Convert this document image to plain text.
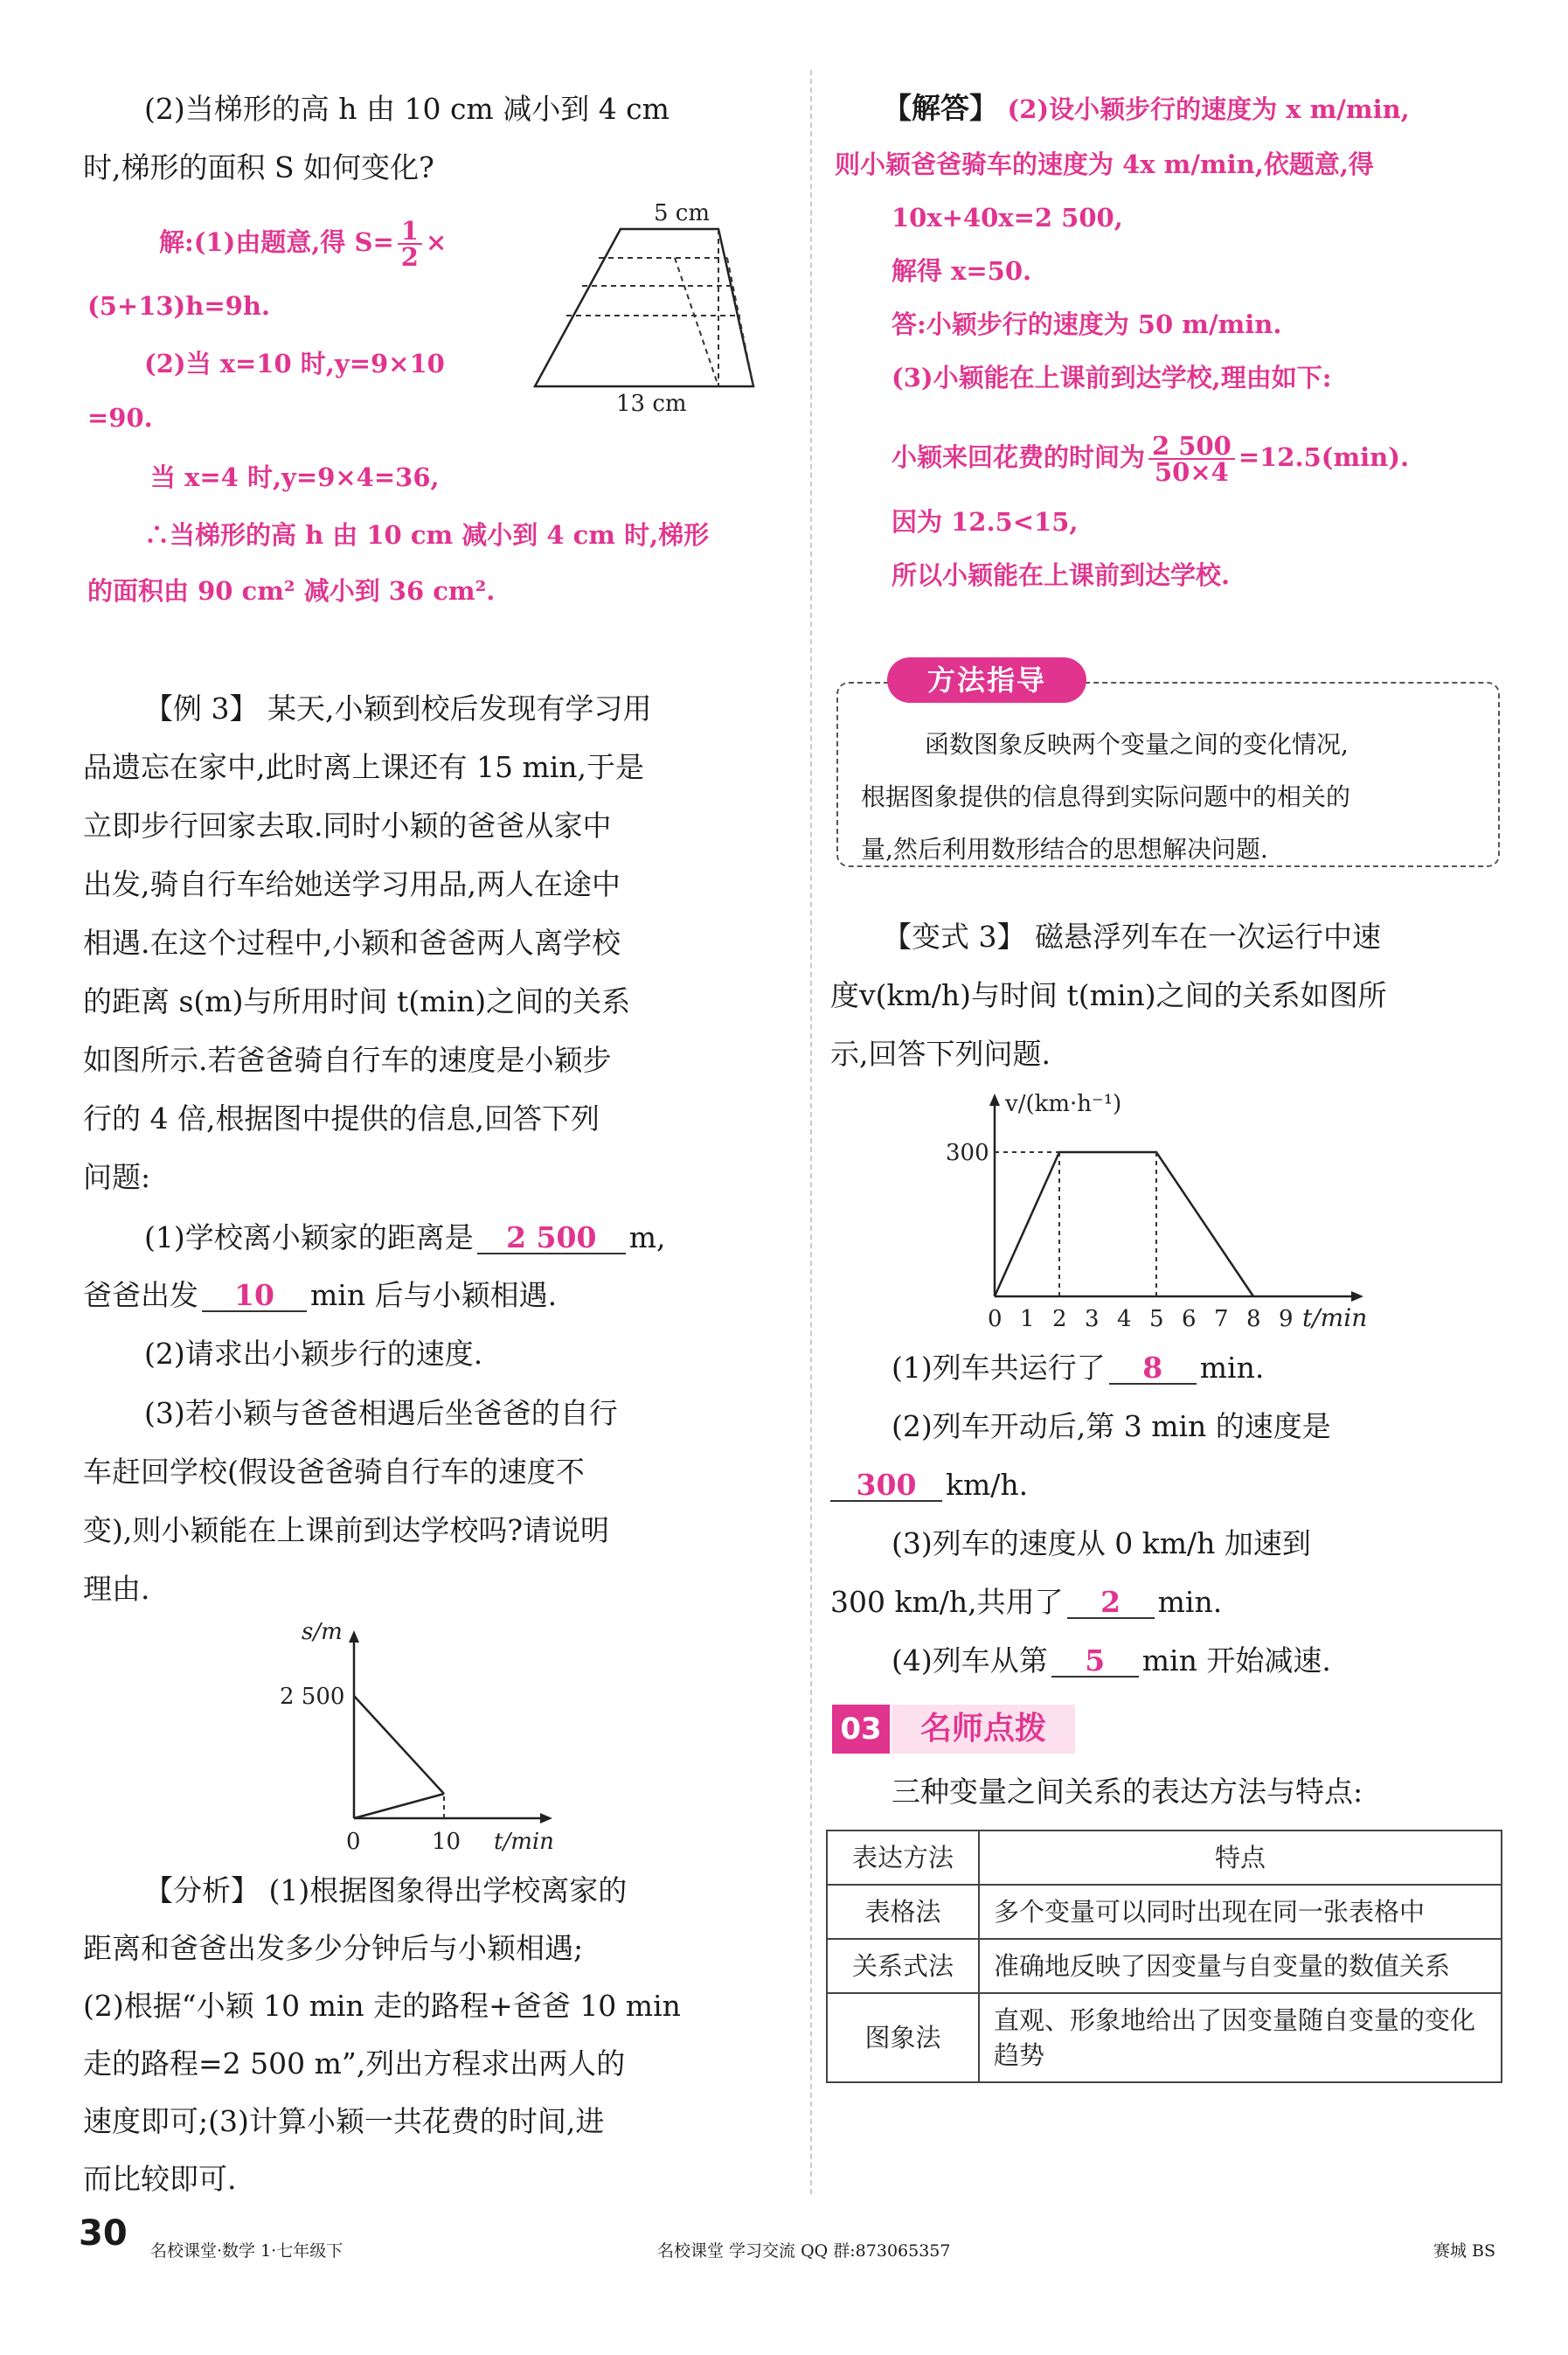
(2)当梯形的高 h 由 10 cm 减小到 4 cm
时,梯形的面积 S 如何变化?
5 cm
13 cm
解:(1)由题意,得 $S= \frac{1}{2}$ ×
(5+13)h=9h.
(2)当 x=10 时,y=9×10
=90.
当 x=4 时,y=9×4=36,
∴当梯形的高 h 由 10 cm 减小到 4 cm 时,梯形
的面积由 90 cm² 减小到 36 cm².
【例 3】 某天,小颖到校后发现有学习用
品遗忘在家中,此时离上课还有 15 min,于是
立即步行回家去取.同时小颖的爸爸从家中
出发,骑自行车给她送学习用品,两人在途中
相遇.在这个过程中,小颖和爸爸两人离学校
的距离 s(m)与所用时间 t(min)之间的关系
如图所示.若爸爸骑自行车的速度是小颖步
行的 4 倍,根据图中提供的信息,回答下列
问题:
(1)学校离小颖家的距离是 2 500 m,
爸爸出发 10 min 后与小颖相遇.
(2)请求出小颖步行的速度.
(3)若小颖与爸爸相遇后坐爸爸的自行
车赶回学校(假设爸爸骑自行车的速度不
变),则小颖能在上课前到达学校吗?请说明
理由.
s/m
2 500
0	10 t/min
【分析】 (1)根据图象得出学校离家的
距离和爸爸出发多少分钟后与小颖相遇;
(2)根据“小颖 10 min 走的路程+爸爸 10 min
走的路程=2 500 m”,列出方程求出两人的
速度即可;(3)计算小颖一共花费的时间,进
而比较即可.
【解答】 (2)设小颖步行的速度为 x m/min,
则小颖爸爸骑车的速度为 4x m/min,依题意,得
10x+40x=2 500,
解得 x=50.
答:小颖步行的速度为 50 m/min.
(3)小颖能在上课前到达学校,理由如下:
小颖来回花费的时间为 $\frac{2 500}{50\times 4} =12.5(\min)$.
因为 12.5<15,
所以小颖能在上课前到达学校.
方法指导
函数图象反映两个变量之间的变化情况,
根据图象提供的信息得到实际问题中的相关的
量,然后利用数形结合的思想解决问题.
【变式 3】 磁悬浮列车在一次运行中速
度v(km/h)与时间 t(min)之间的关系如图所
示,回答下列问题.
v/(km·h⁻¹)
300
0 1 2 3 4 5 6 7 8 9 t/min
(1)列车共运行了 8 min.
(2)列车开动后,第 3 min 的速度是
300 km/h.
(3)列车的速度从 0 km/h 加速到
300 km/h,共用了 2 min.
(4)列车从第 5 min 开始减速.
03	名师点拨
三种变量之间关系的表达方法与特点:
表达方法	特点
表格法	多个变量可以同时出现在同一张表格中
关系式法	准确地反映了因变量与自变量的数值关系
图象法	直观、形象地给出了因变量随自变量的变化趋势
30 名校课堂·数学 1·七年级下	名校课堂 学习交流 QQ 群:873065357	赛城 BS
